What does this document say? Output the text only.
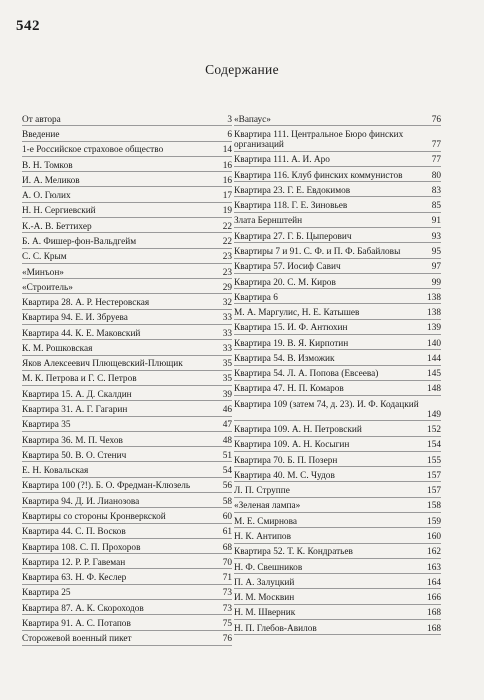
542
Содержание
От автора	3
Введение	6
1-е Российское страховое общество	14
В. Н. Томков	16
И. А. Меликов	16
А. О. Гюлих	17
Н. Н. Сергиевский	19
К.-А. В. Беттихер	22
Б. А. Фишер-фон-Вальдгейм	22
С. С. Крым	23
«Минъон»	23
«Строитель»	29
Квартира 28. А. Р. Нестеровская	32
Квартира 94. Е. И. Збруева	33
Квартира 44. К. Е. Маковский	33
К. М. Рошковская	33
Яков Алексеевич Плющевский-Плющик	35
М. К. Петрова и Г. С. Петров	35
Квартира 15. А. Д. Скалдин	39
Квартира 31. А. Г. Гагарин	46
Квартира 35	47
Квартира 36. М. П. Чехов	48
Квартира 50. В. О. Стенич	51
Е. Н. Ковальская	54
Квартира 100 (?!). Б. О. Фредман-Клюзель	56
Квартира 94. Д. И. Лианозова	58
Квартиры со стороны Кронверкской	60
Квартира 44. С. П. Восков	61
Квартира 108. С. П. Прохоров	68
Квартира 12. Р. Р. Гавеман	70
Квартира 63. Н. Ф. Кеслер	71
Квартира 25	73
Квартира 87. А. К. Скороходов	73
Квартира 91. А. С. Потапов	75
Сторожевой военный пикет	76
«Вапаус»	76
Квартира 111. Центральное Бюро финских
организаций	77
Квартира 111. А. И. Аро	77
Квартира 116. Клуб финских коммунистов	80
Квартира 23. Г. Е. Евдокимов	83
Квартира 118. Г. Е. Зиновьев	85
Злата Бернштейн	91
Квартира 27. Г. Б. Цыперович	93
Квартиры 7 и 91. С. Ф. и П. Ф. Бабайловы	95
Квартира 57. Иосиф Савич	97
Квартира 20. С. М. Киров	99
Квартира 6	138
М. А. Маргулис, Н. Е. Катышев	138
Квартира 15. И. Ф. Антюхин	139
Квартира 19. В. Я. Кирпотин	140
Квартира 54. В. Изможик	144
Квартира 54. Л. А. Попова (Евсеева)	145
Квартира 47. Н. П. Комаров	148
Квартира 109 (затем 74, д. 23). И. Ф. Кодацкий
149
Квартира 109. А. Н. Петровский	152
Квартира 109. А. Н. Косыгин	154
Квартира 70. Б. П. Позерн	155
Квартира 40. М. С. Чудов	157
Л. П. Струппе	157
«Зеленая лампа»	158
М. Е. Смирнова	159
Н. К. Антипов	160
Квартира 52. Т. К. Кондратьев	162
Н. Ф. Свешников	163
П. А. Залуцкий	164
И. М. Москвин	166
Н. М. Шверник	168
Н. П. Глебов-Авилов	168
